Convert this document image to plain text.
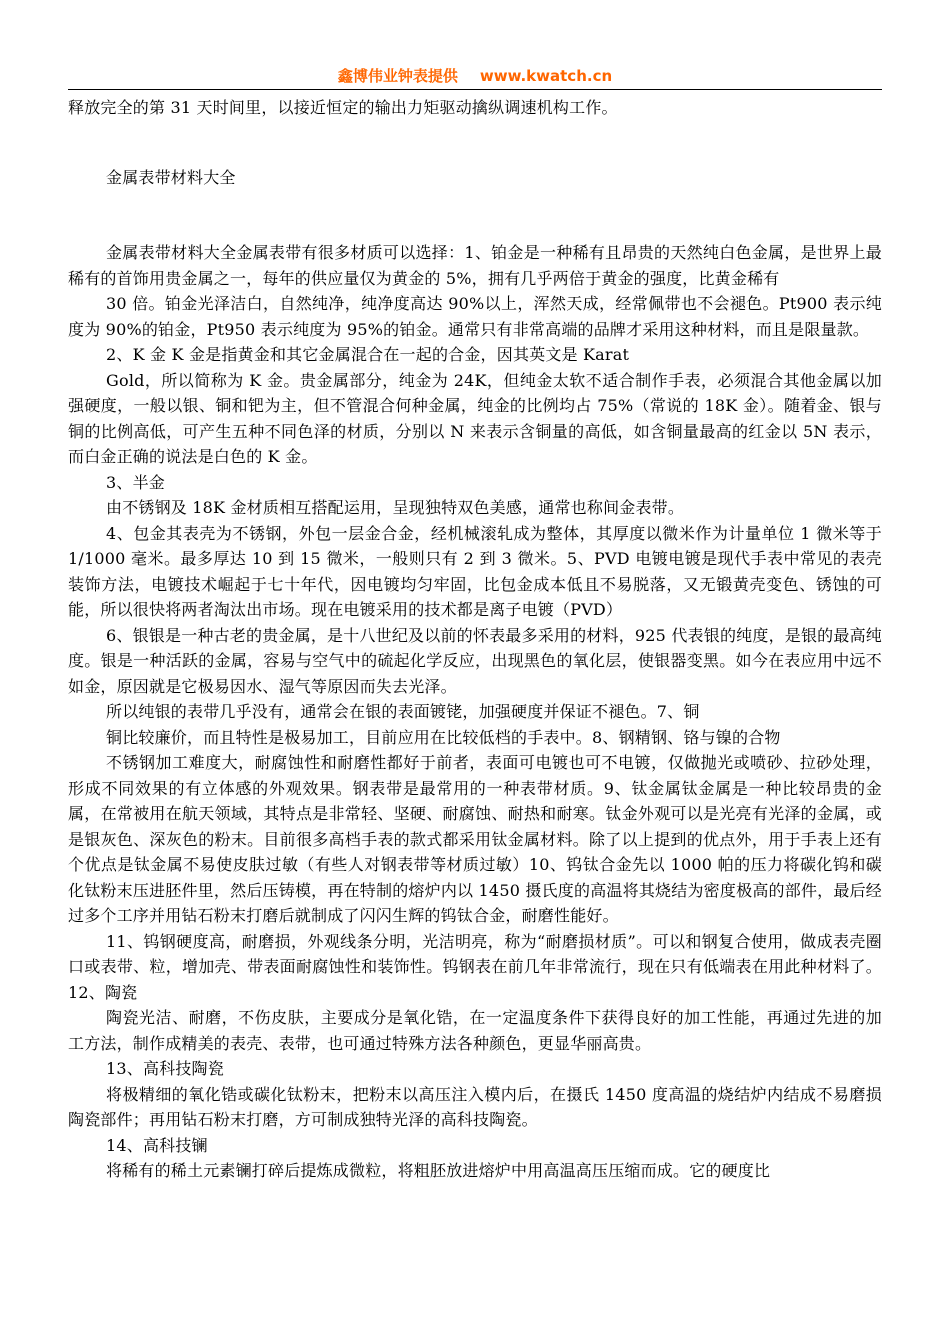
鑫博伟业钟表提供 www.kwatch.cn

释放完全的第 31 天时间里，以接近恒定的输出力矩驱动擒纵调速机构工作。

金属表带材料大全

金属表带材料大全金属表带有很多材质可以选择：1、铂金是一种稀有且昂贵的天然纯白色金属，是世界上最稀有的首饰用贵金属之一，每年的供应量仅为黄金的 5%，拥有几乎两倍于黄金的强度，比黄金稀有

30 倍。铂金光泽洁白，自然纯净，纯净度高达 90%以上，浑然天成，经常佩带也不会褪色。Pt900 表示纯度为 90%的铂金，Pt950 表示纯度为 95%的铂金。通常只有非常高端的品牌才采用这种材料，而且是限量款。

2、K 金 K 金是指黄金和其它金属混合在一起的合金，因其英文是 Karat

Gold，所以简称为 K 金。贵金属部分，纯金为 24K，但纯金太软不适合制作手表，必须混合其他金属以加强硬度，一般以银、铜和钯为主，但不管混合何种金属，纯金的比例均占 75%（常说的 18K 金）。随着金、银与铜的比例高低，可产生五种不同色泽的材质，分别以 N 来表示含铜量的高低，如含铜量最高的红金以 5N 表示，而白金正确的说法是白色的 K 金。

3、半金

由不锈钢及 18K 金材质相互搭配运用，呈现独特双色美感，通常也称间金表带。

4、包金其表壳为不锈钢，外包一层金合金，经机械滚轧成为整体，其厚度以微米作为计量单位 1 微米等于 1/1000 毫米。最多厚达 10 到 15 微米，一般则只有 2 到 3 微米。5、PVD 电镀电镀是现代手表中常见的表壳装饰方法，电镀技术崛起于七十年代，因电镀均匀牢固，比包金成本低且不易脱落，又无锻黄壳变色、锈蚀的可能，所以很快将两者淘汰出市场。现在电镀采用的技术都是离子电镀（PVD）

6、银银是一种古老的贵金属，是十八世纪及以前的怀表最多采用的材料，925 代表银的纯度，是银的最高纯度。银是一种活跃的金属，容易与空气中的硫起化学反应，出现黑色的氧化层，使银器变黑。如今在表应用中远不如金，原因就是它极易因水、湿气等原因而失去光泽。

所以纯银的表带几乎没有，通常会在银的表面镀铑，加强硬度并保证不褪色。7、铜

铜比较廉价，而且特性是极易加工，目前应用在比较低档的手表中。8、钢精钢、铬与镍的合物

不锈钢加工难度大，耐腐蚀性和耐磨性都好于前者，表面可电镀也可不电镀，仅做抛光或喷砂、拉砂处理，形成不同效果的有立体感的外观效果。钢表带是最常用的一种表带材质。9、钛金属钛金属是一种比较昂贵的金属，在常被用在航天领域，其特点是非常轻、坚硬、耐腐蚀、耐热和耐寒。钛金外观可以是光亮有光泽的金属，或是银灰色、深灰色的粉末。目前很多高档手表的款式都采用钛金属材料。除了以上提到的优点外，用于手表上还有个优点是钛金属不易使皮肤过敏（有些人对钢表带等材质过敏）10、钨钛合金先以 1000 帕的压力将碳化钨和碳化钛粉末压进胚件里，然后压铸模，再在特制的熔炉内以 1450 摄氏度的高温将其烧结为密度极高的部件，最后经过多个工序并用钻石粉末打磨后就制成了闪闪生辉的钨钛合金，耐磨性能好。

11、钨钢硬度高，耐磨损，外观线条分明，光洁明亮，称为“耐磨损材质”。可以和钢复合使用，做成表壳圈口或表带、粒，增加壳、带表面耐腐蚀性和装饰性。钨钢表在前几年非常流行，现在只有低端表在用此种材料了。12、陶瓷

陶瓷光洁、耐磨，不伤皮肤，主要成分是氧化锆，在一定温度条件下获得良好的加工性能，再通过先进的加工方法，制作成精美的表壳、表带，也可通过特殊方法各种颜色，更显华丽高贵。

13、高科技陶瓷

将极精细的氧化锆或碳化钛粉末，把粉末以高压注入模内后，在摄氏 1450 度高温的烧结炉内结成不易磨损陶瓷部件；再用钻石粉末打磨，方可制成独特光泽的高科技陶瓷。

14、高科技镧

将稀有的稀土元素镧打碎后提炼成微粒，将粗胚放进熔炉中用高温高压压缩而成。它的硬度比
